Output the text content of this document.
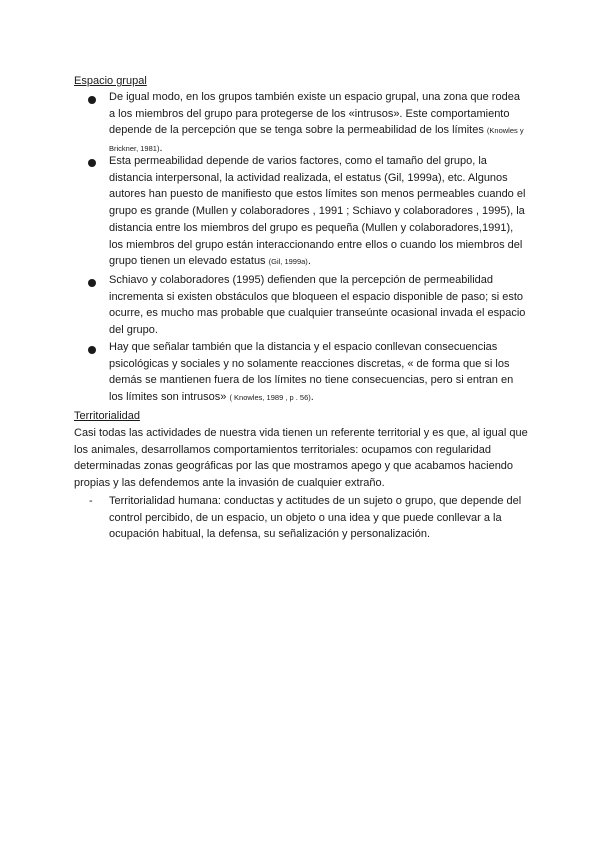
Espacio grupal

De igual modo, en los grupos también existe un espacio grupal, una zona que rodea a los miembros del grupo para protegerse de los «intrusos». Este comportamiento depende de la percepción que se tenga sobre la permeabilidad de los límites (Knowles y Brickner, 1981).

Esta permeabilidad depende de varios factores, como el tamaño del grupo, la distancia interpersonal, la actividad realizada, el estatus (Gil, 1999a), etc. Algunos autores han puesto de manifiesto que estos límites son menos permeables cuando el grupo es grande (Mullen y colaboradores , 1991 ; Schiavo y colaboradores , 1995), la distancia entre los miembros del grupo es pequeña (Mullen y colaboradores,1991), los miembros del grupo están interaccionando entre ellos o cuando los miembros del grupo tienen un elevado estatus (Gil, 1999a).

Schiavo y colaboradores (1995) defienden que la percepción de permeabilidad incrementa si existen obstáculos que bloqueen el espacio disponible de paso; si esto ocurre, es mucho mas probable que cualquier transeúnte ocasional invada el espacio del grupo.

Hay que señalar también que la distancia y el espacio conllevan consecuencias psicológicas y sociales y no solamente reacciones discretas, « de forma que si los demás se mantienen fuera de los límites no tiene consecuencias, pero si entran en los límites son intrusos» ( Knowles, 1989 , p . 56).

Territorialidad

Casi todas las actividades de nuestra vida tienen un referente territorial y es que, al igual que los animales, desarrollamos comportamientos territoriales: ocupamos con regularidad determinadas zonas geográficas por las que mostramos apego y que acabamos haciendo propias y las defendemos ante la invasión de cualquier extraño.

- Territorialidad humana: conductas y actitudes de un sujeto o grupo, que depende del control percibido, de un espacio, un objeto o una idea y que puede conllevar a la ocupación habitual, la defensa, su señalización y personalización.
